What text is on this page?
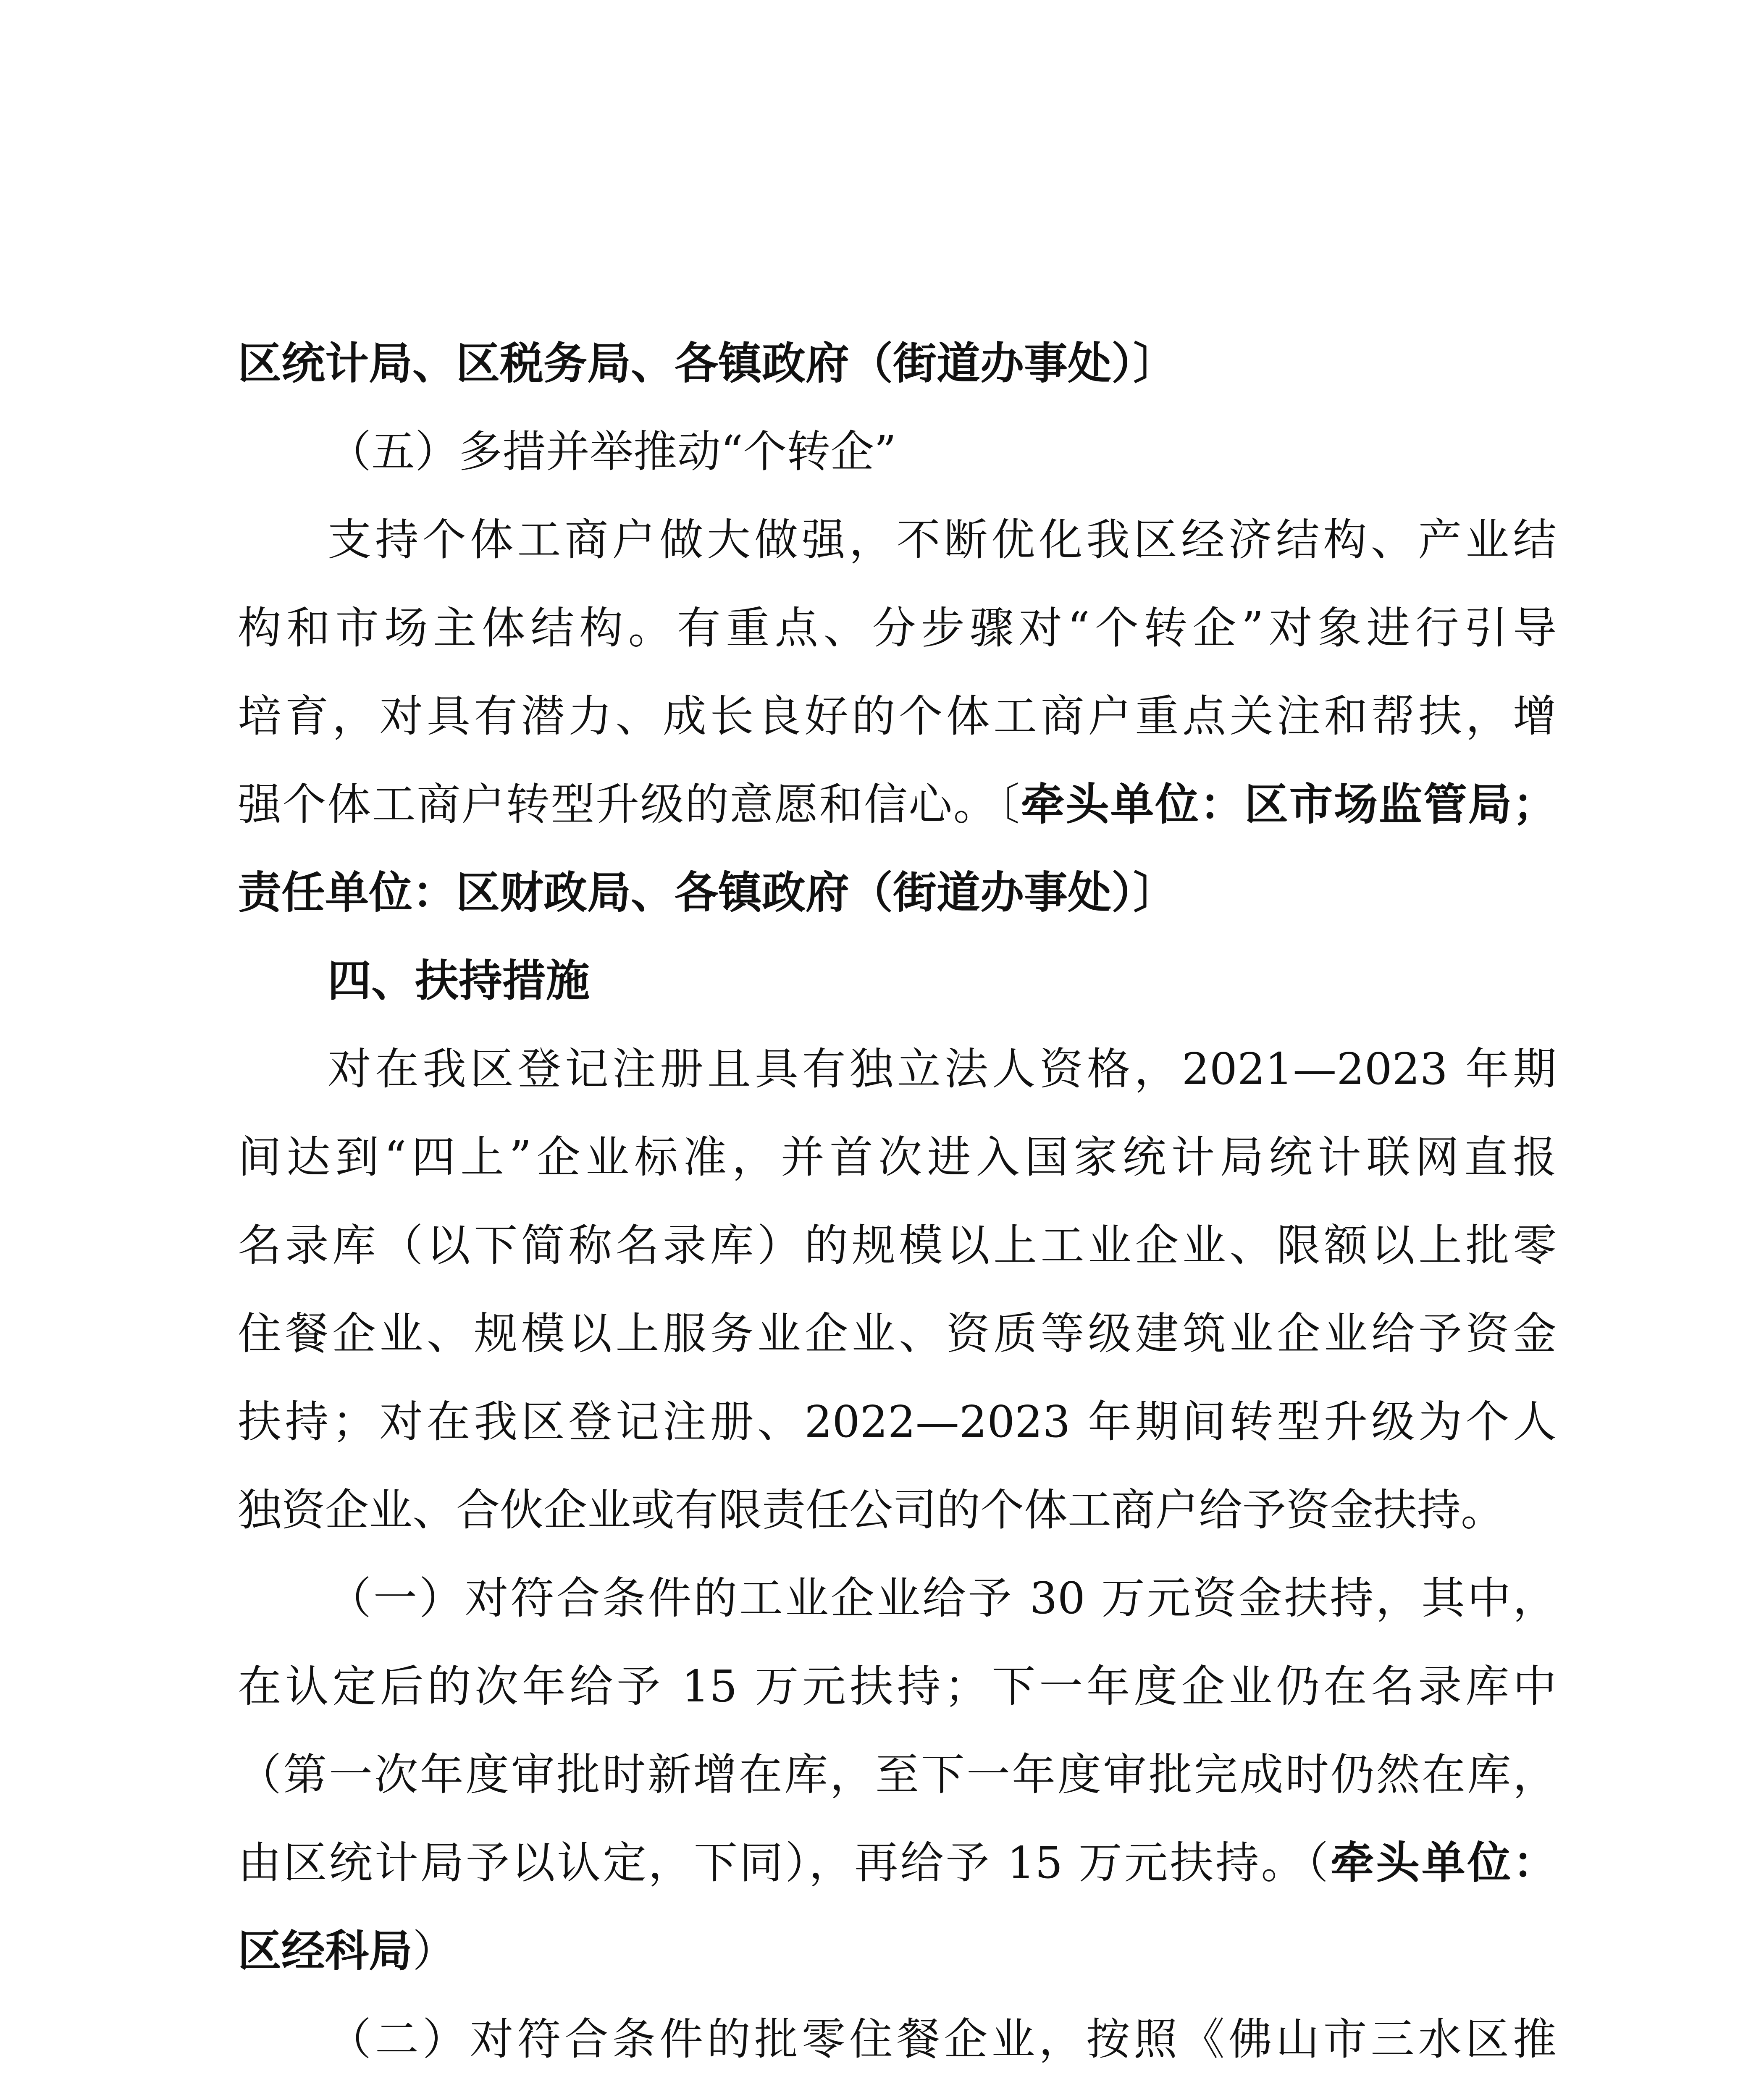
区统计局、区税务局、各镇政府（街道办事处）〕
（五）多措并举推动“个转企”
支持个体工商户做大做强，不断优化我区经济结构、产业结
构和市场主体结构。有重点、分步骤对“个转企”对象进行引导
培育，对具有潜力、成长良好的个体工商户重点关注和帮扶，增
强个体工商户转型升级的意愿和信心。〔牵头单位：区市场监管局；
责任单位：区财政局、各镇政府（街道办事处）〕
四、扶持措施
对在我区登记注册且具有独立法人资格，2021—2023 年期
间达到“四上”企业标准，并首次进入国家统计局统计联网直报
名录库（以下简称名录库）的规模以上工业企业、限额以上批零
住餐企业、规模以上服务业企业、资质等级建筑业企业给予资金
扶持；对在我区登记注册、2022—2023 年期间转型升级为个人
独资企业、合伙企业或有限责任公司的个体工商户给予资金扶持。
（一）对符合条件的工业企业给予 30 万元资金扶持，其中，
在认定后的次年给予 15 万元扶持；下一年度企业仍在名录库中
（第一次年度审批时新增在库，至下一年度审批完成时仍然在库，
由区统计局予以认定，下同），再给予 15 万元扶持。（牵头单位：
区经科局）
（二）对符合条件的批零住餐企业，按照《佛山市三水区推
